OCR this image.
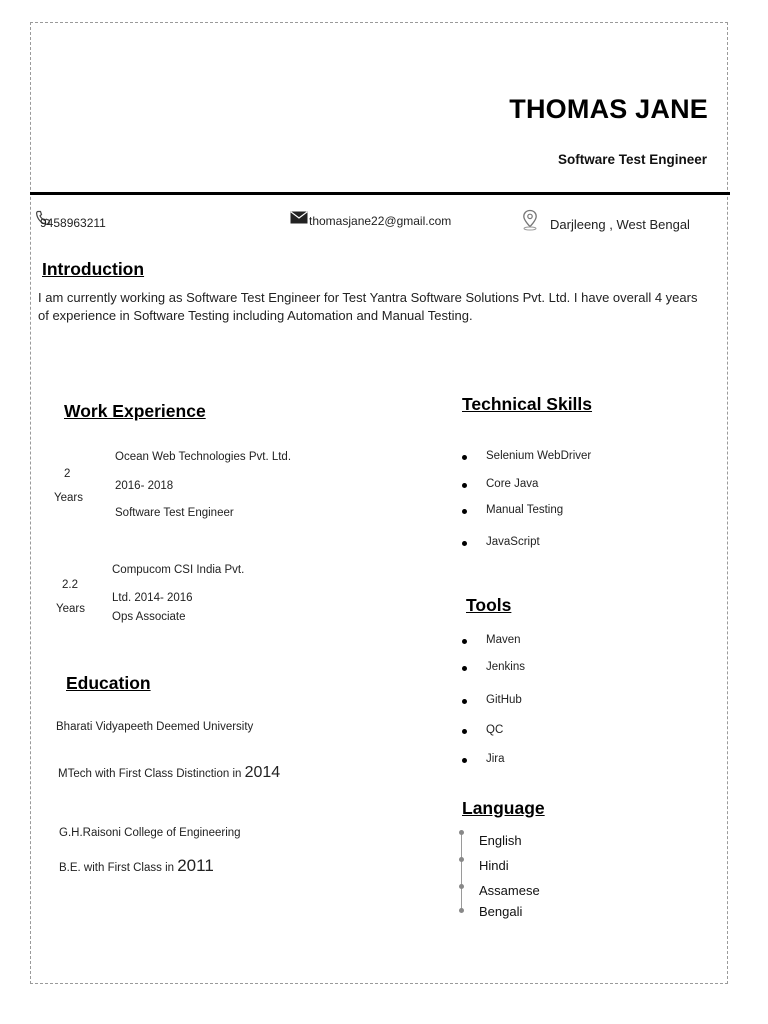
THOMAS JANE
Software Test Engineer
9458963211	thomasjane22@gmail.com	Darjleeng , West Bengal
Introduction
I am currently working as Software Test Engineer for Test Yantra Software Solutions Pvt. Ltd. I have overall 4 years of experience in Software Testing including Automation and Manual Testing.
Work Experience
2
Years
Ocean Web Technologies Pvt. Ltd.
2016- 2018
Software Test Engineer
2.2
Years
Compucom CSI India Pvt.
Ltd. 2014- 2016
Ops Associate
Education
Bharati Vidyapeeth Deemed University
MTech with First Class Distinction in 2014
G.H.Raisoni College of Engineering
B.E. with First Class in 2011
Technical Skills
Selenium WebDriver
Core Java
Manual Testing
JavaScript
Tools
Maven
Jenkins
GitHub
QC
Jira
Language
English
Hindi
Assamese
Bengali
